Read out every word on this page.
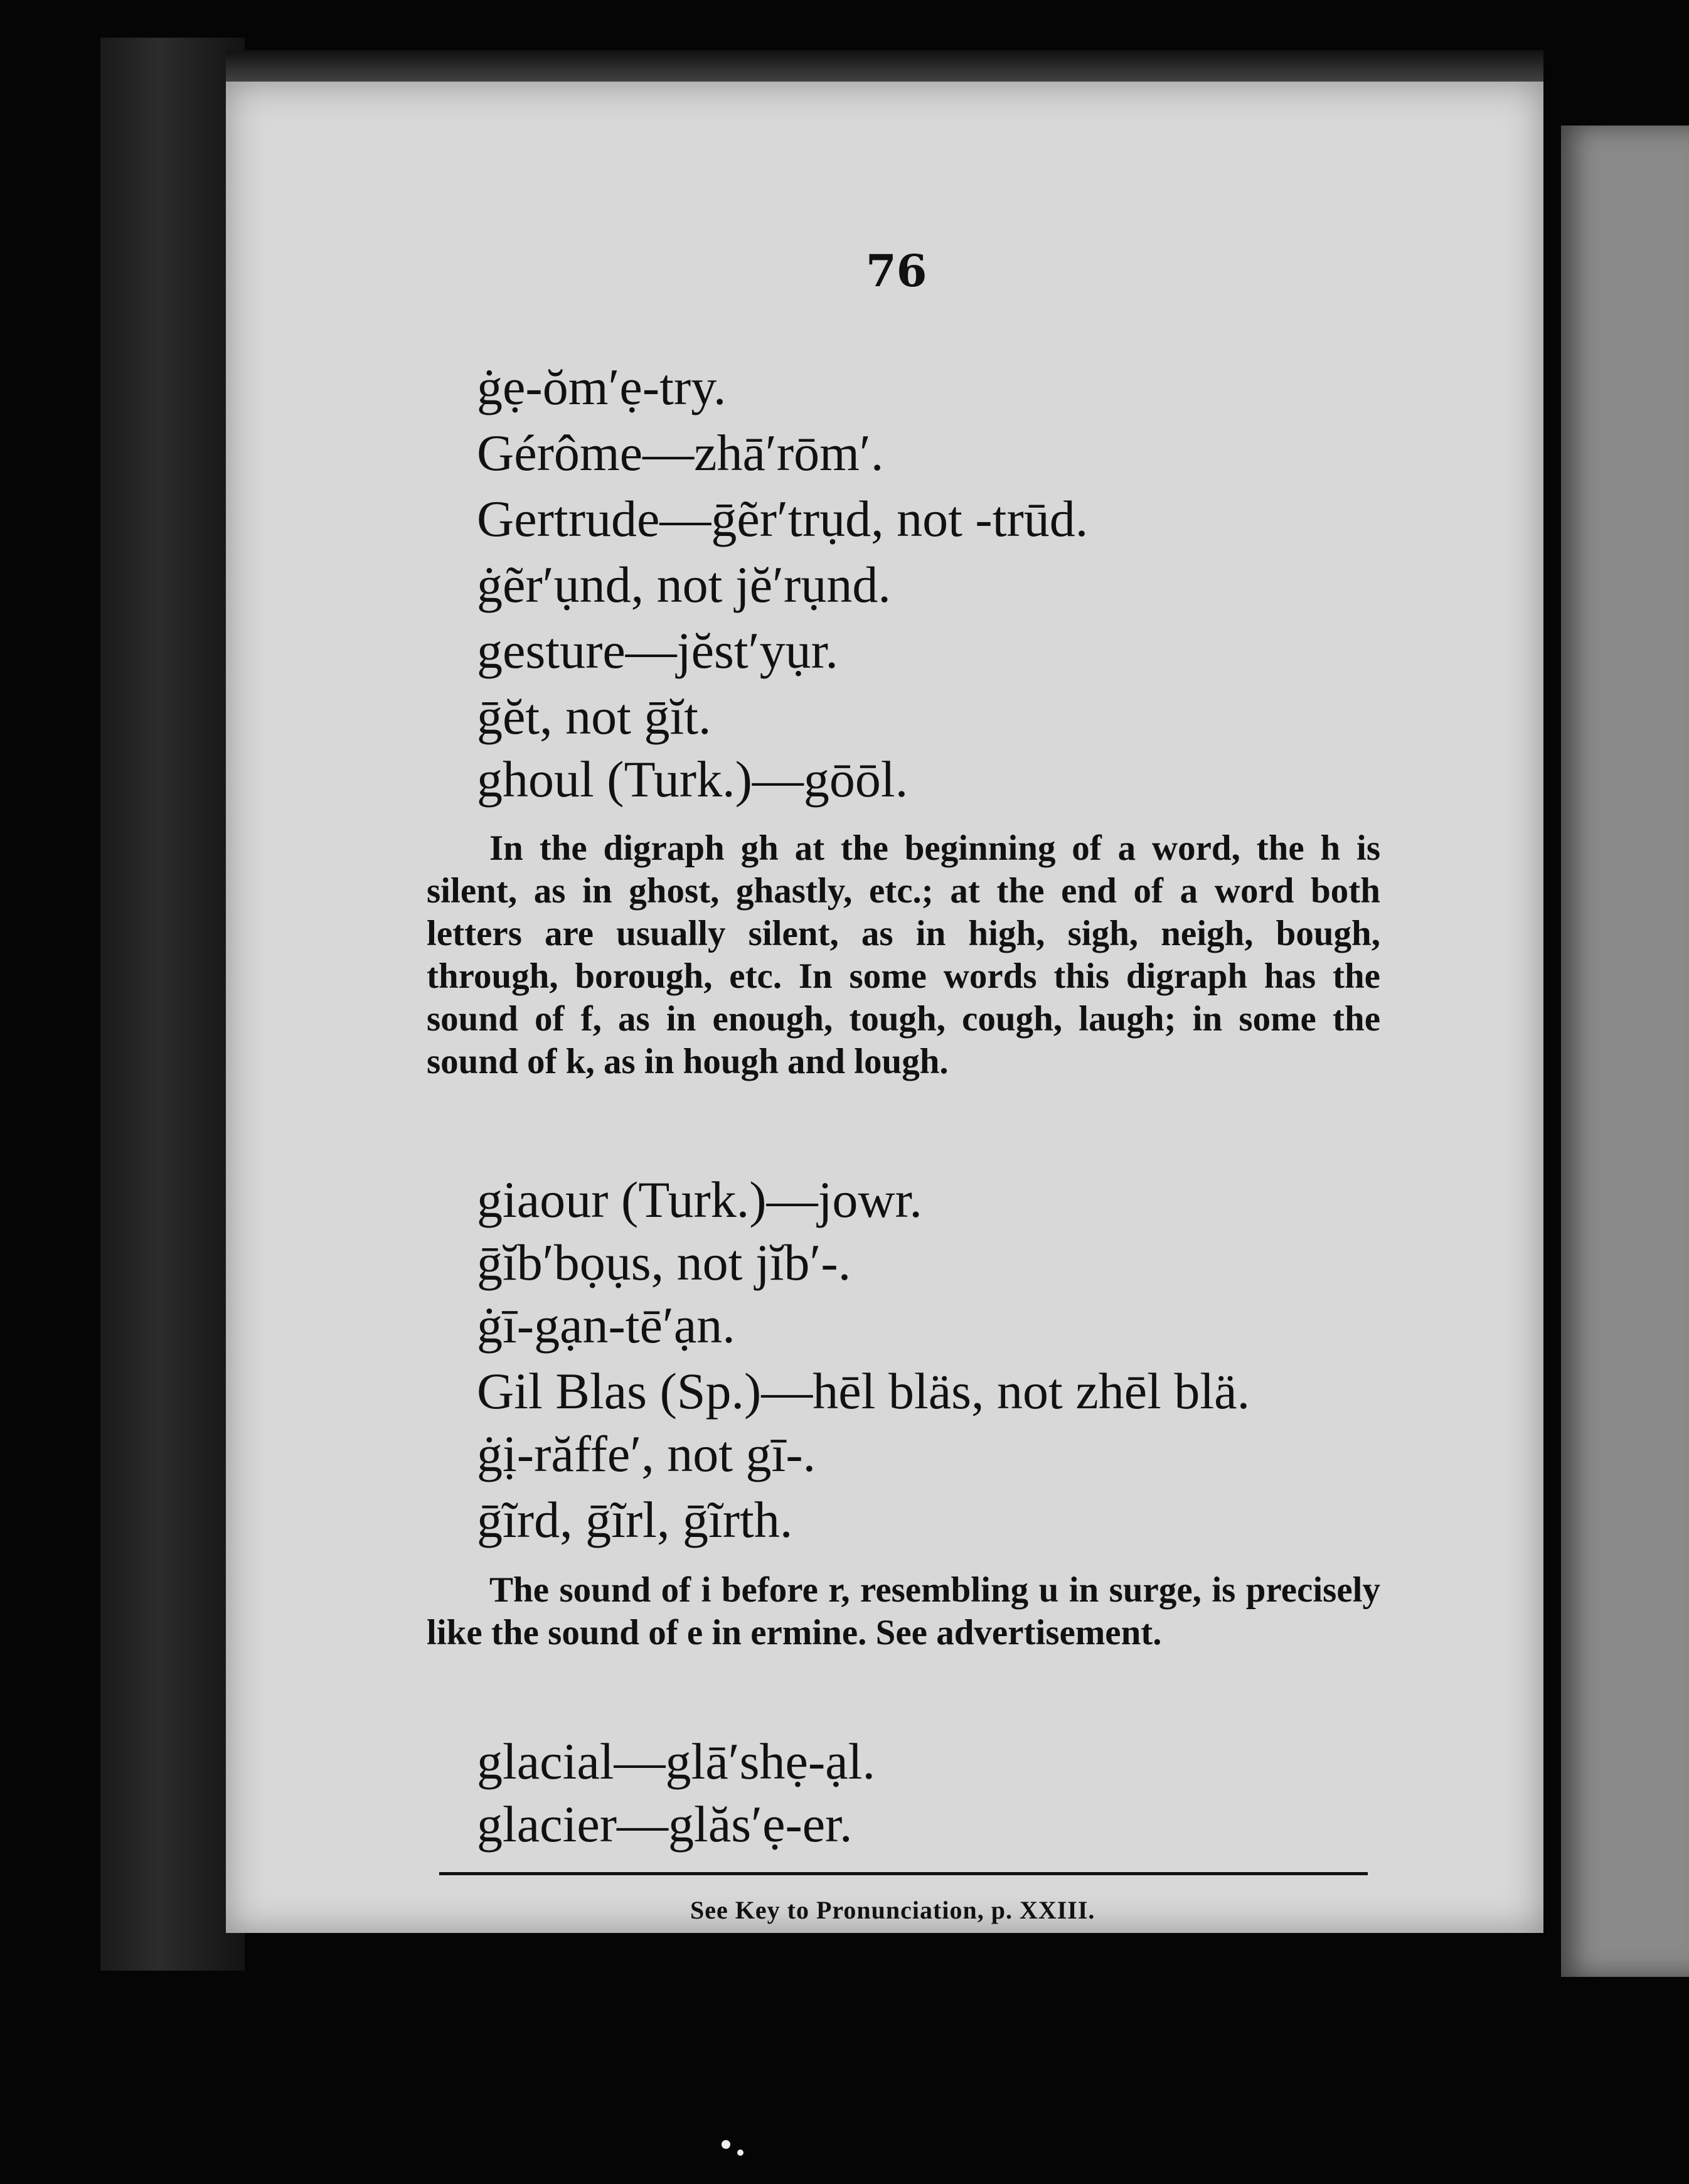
76
ġẹ-ŏm′ẹ-try.
Gérôme—zhā′rōm′.
Gertrude—ḡẽr′trụd, not -trūd.
ġẽr′ụnd, not jĕ′rụnd.
gesture—jĕst′yụr.
ḡĕt, not ḡĭt.
ghoul (Turk.)—gōōl.
In the digraph gh at the beginning of a word, the h is silent, as in ghost, ghastly, etc.; at the end of a word both letters are usually silent, as in high, sigh, neigh, bough, through, borough, etc. In some words this digraph has the sound of f, as in enough, tough, cough, laugh; in some the sound of k, as in hough and lough.
giaour (Turk.)—jowr.
ḡĭb′bọụs, not jĭb′-.
ġī-gạn-tē′ạn.
Gil Blas (Sp.)—hēl bläs, not zhēl blä.
ġị-răffe′, not gī-.
ḡĩrd, ḡĩrl, ḡĩrth.
The sound of i before r, resembling u in surge, is precisely like the sound of e in ermine. See advertisement.
glacial—glā′shẹ-ạl.
glacier—glăs′ẹ-er.
See Key to Pronunciation, p. XXIII.
